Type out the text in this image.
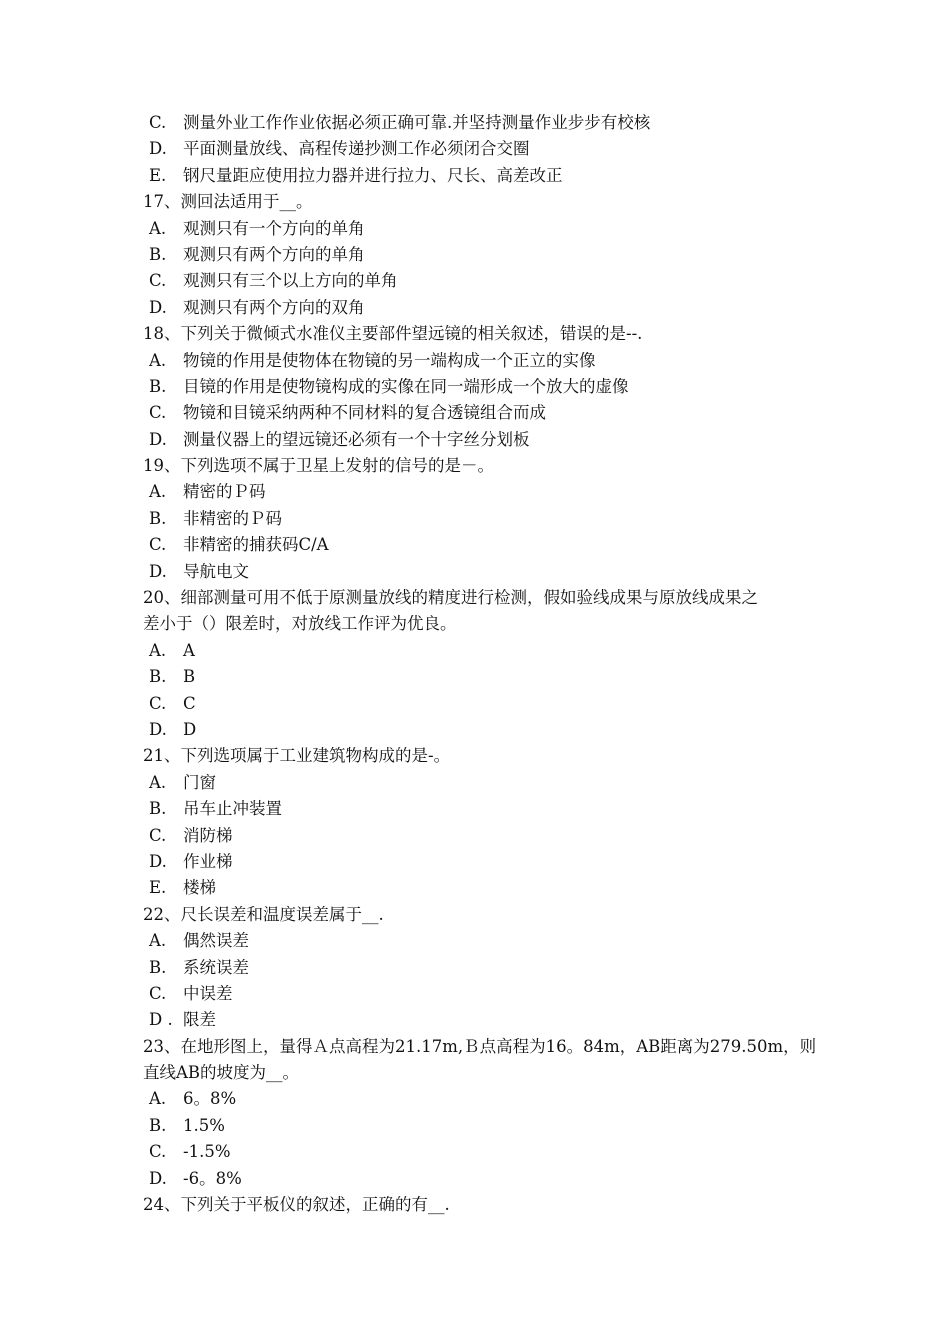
C. 测量外业工作作业依据必须正确可靠.并坚持测量作业步步有校核
D. 平面测量放线、高程传递抄测工作必须闭合交圈
E. 钢尺量距应使用拉力器并进行拉力、尺长、高差改正
17、测回法适用于__。
A. 观测只有一个方向的单角
B. 观测只有两个方向的单角
C. 观测只有三个以上方向的单角
D. 观测只有两个方向的双角
18、下列关于微倾式水准仪主要部件望远镜的相关叙述，错误的是--.
A. 物镜的作用是使物体在物镜的另一端构成一个正立的实像
B. 目镜的作用是使物镜构成的实像在同一端形成一个放大的虚像
C. 物镜和目镜采纳两种不同材料的复合透镜组合而成
D. 测量仪器上的望远镜还必须有一个十字丝分划板
19、下列选项不属于卫星上发射的信号的是－。
A. 精密的Ｐ码
B. 非精密的Ｐ码
C. 非精密的捕获码C/A
D. 导航电文
20、细部测量可用不低于原测量放线的精度进行检测，假如验线成果与原放线成果之
差小于（）限差时，对放线工作评为优良。
A. A
B. B
C. C
D. D
21、下列选项属于工业建筑物构成的是-。
A. 门窗
B. 吊车止冲装置
C. 消防梯
D. 作业梯
E. 楼梯
22、尺长误差和温度误差属于__.
A. 偶然误差
B. 系统误差
C. 中误差
D . 限差
23、在地形图上，量得Ａ点高程为21.17m,Ｂ点高程为16。84m，AB距离为279.50m，则
直线AB的坡度为__。
A. 6。8%
B. 1.5%
C. -1.5%
D. -6。8%
24、下列关于平板仪的叙述，正确的有__.
